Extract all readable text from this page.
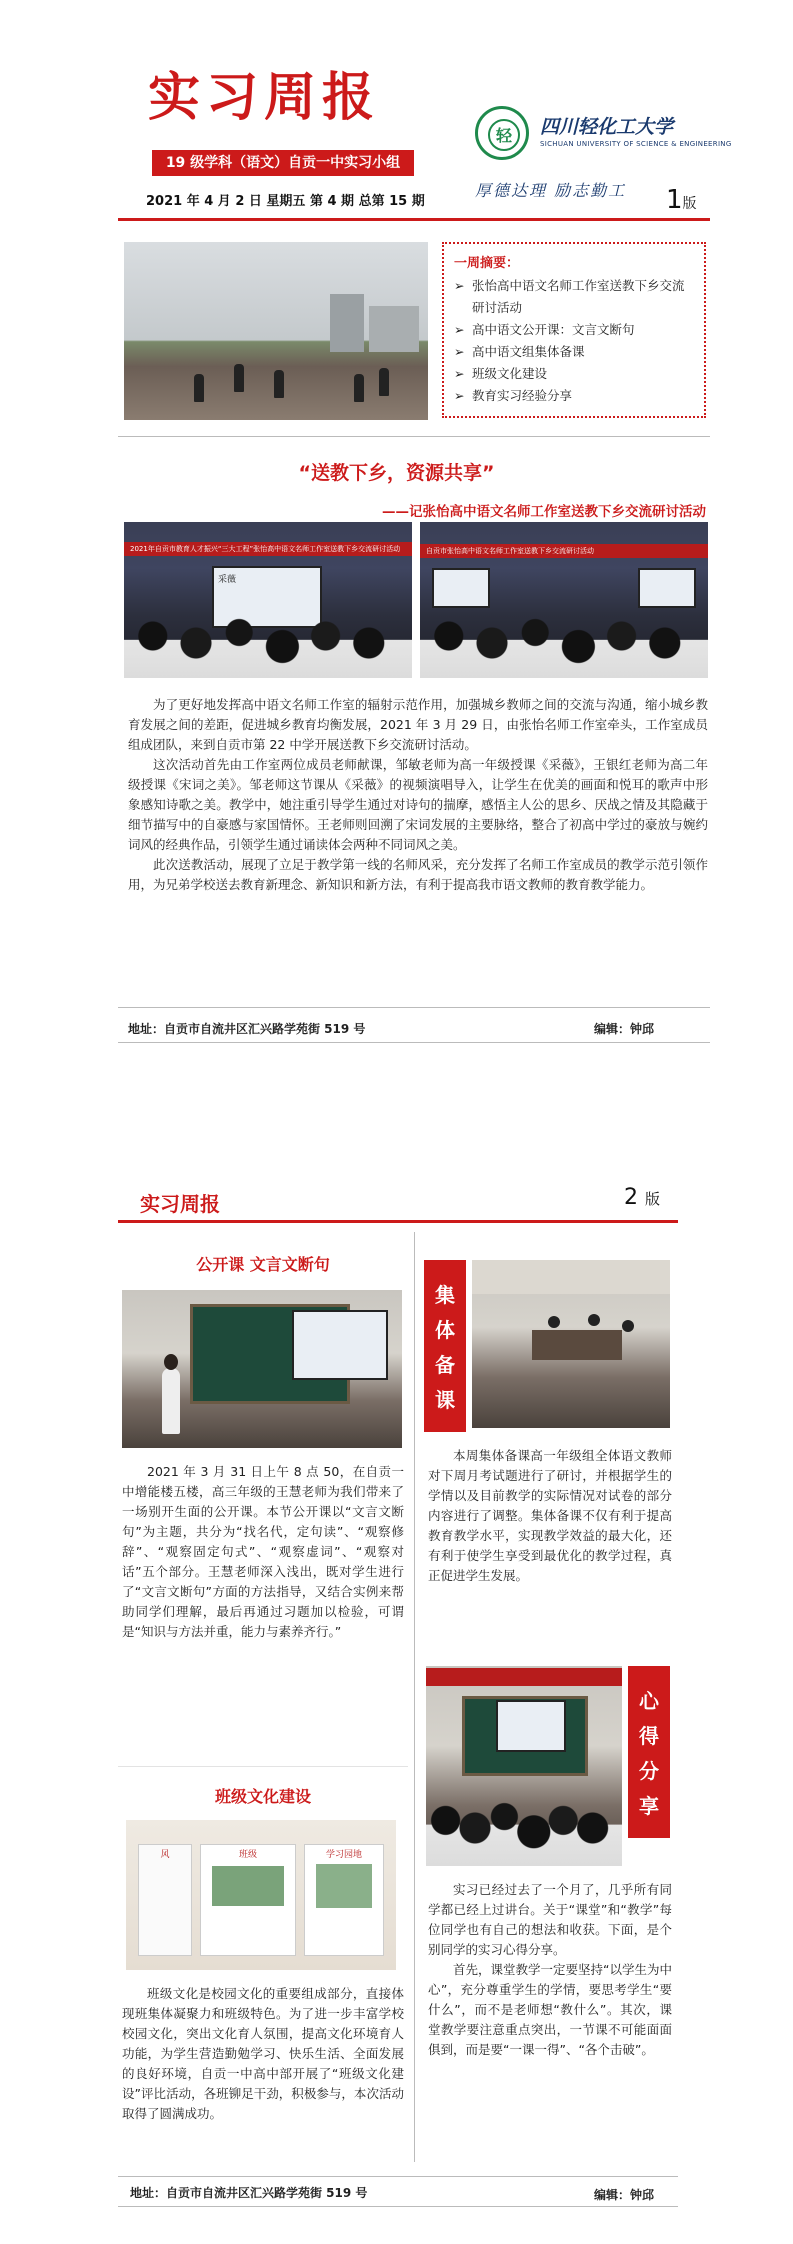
实习周报
19 级学科（语文）自贡一中实习小组
2021 年 4 月 2 日 星期五 第 4 期 总第 15 期
轻 四川轻化工大学
SICHUAN UNIVERSITY OF SCIENCE & ENGINEERING
厚德达理 励志勤工 1版
一周摘要：
➢ 张怡高中语文名师工作室送教下乡交流研讨活动
➢ 高中语文公开课：文言文断句
➢ 高中语文组集体备课
➢ 班级文化建设
➢ 教育实习经验分享
“送教下乡，资源共享”
——记张怡高中语文名师工作室送教下乡交流研讨活动
2021年自贡市教育人才振兴“三大工程”张怡高中语文名师工作室送教下乡交流研讨活动
采薇
自贡市张怡高中语文名师工作室送教下乡交流研讨活动

为了更好地发挥高中语文名师工作室的辐射示范作用，加强城乡教师之间的交流与沟通，缩小城乡教育发展之间的差距，促进城乡教育均衡发展，2021 年 3 月 29 日，由张怡名师工作室牵头，工作室成员组成团队，来到自贡市第 22 中学开展送教下乡交流研讨活动。

这次活动首先由工作室两位成员老师献课，邹敏老师为高一年级授课《采薇》，王银红老师为高二年级授课《宋词之美》。邹老师这节课从《采薇》的视频演唱导入，让学生在优美的画面和悦耳的歌声中形象感知诗歌之美。教学中，她注重引导学生通过对诗句的揣摩，感悟主人公的思乡、厌战之情及其隐藏于细节描写中的自豪感与家国情怀。王老师则回溯了宋词发展的主要脉络，整合了初高中学过的豪放与婉约词风的经典作品，引领学生通过诵读体会两种不同词风之美。

此次送教活动，展现了立足于教学第一线的名师风采，充分发挥了名师工作室成员的教学示范引领作用，为兄弟学校送去教育新理念、新知识和新方法，有利于提高我市语文教师的教育教学能力。

地址：自贡市自流井区汇兴路学苑街 519 号	编辑：钟邱
实习周报	2 版
公开课 文言文断句
2021 年 3 月 31 日上午 8 点 50，在自贡一中增能楼五楼，高三年级的王慧老师为我们带来了一场别开生面的公开课。本节公开课以“文言文断句”为主题，共分为“找名代，定句读”、“观察修辞”、“观察固定句式”、“观察虚词”、“观察对话”五个部分。王慧老师深入浅出，既对学生进行了“文言文断句”方面的方法指导，又结合实例来帮助同学们理解，最后再通过习题加以检验，可谓是“知识与方法并重，能力与素养齐行。”
班级文化建设
风	班级	学习园地
班级文化是校园文化的重要组成部分，直接体现班集体凝聚力和班级特色。为了进一步丰富学校校园文化，突出文化育人氛围，提高文化环境育人功能，为学生营造勤勉学习、快乐生活、全面发展的良好环境，自贡一中高中部开展了“班级文化建设”评比活动，各班铆足干劲，积极参与，本次活动取得了圆满成功。
集
体
备
课
本周集体备课高一年级组全体语文教师对下周月考试题进行了研讨，并根据学生的学情以及目前教学的实际情况对试卷的部分内容进行了调整。集体备课不仅有利于提高教育教学水平，实现教学效益的最大化，还有利于使学生享受到最优化的教学过程，真正促进学生发展。
心
得
分
享

实习已经过去了一个月了，几乎所有同学都已经上过讲台。关于“课堂”和“教学”每位同学也有自己的想法和收获。下面，是个别同学的实习心得分享。

首先，课堂教学一定要坚持“以学生为中心”，充分尊重学生的学情，要思考学生“要什么”，而不是老师想“教什么”。其次，课堂教学要注意重点突出，一节课不可能面面俱到，而是要“一课一得”、“各个击破”。

地址：自贡市自流井区汇兴路学苑街 519 号	编辑：钟邱
